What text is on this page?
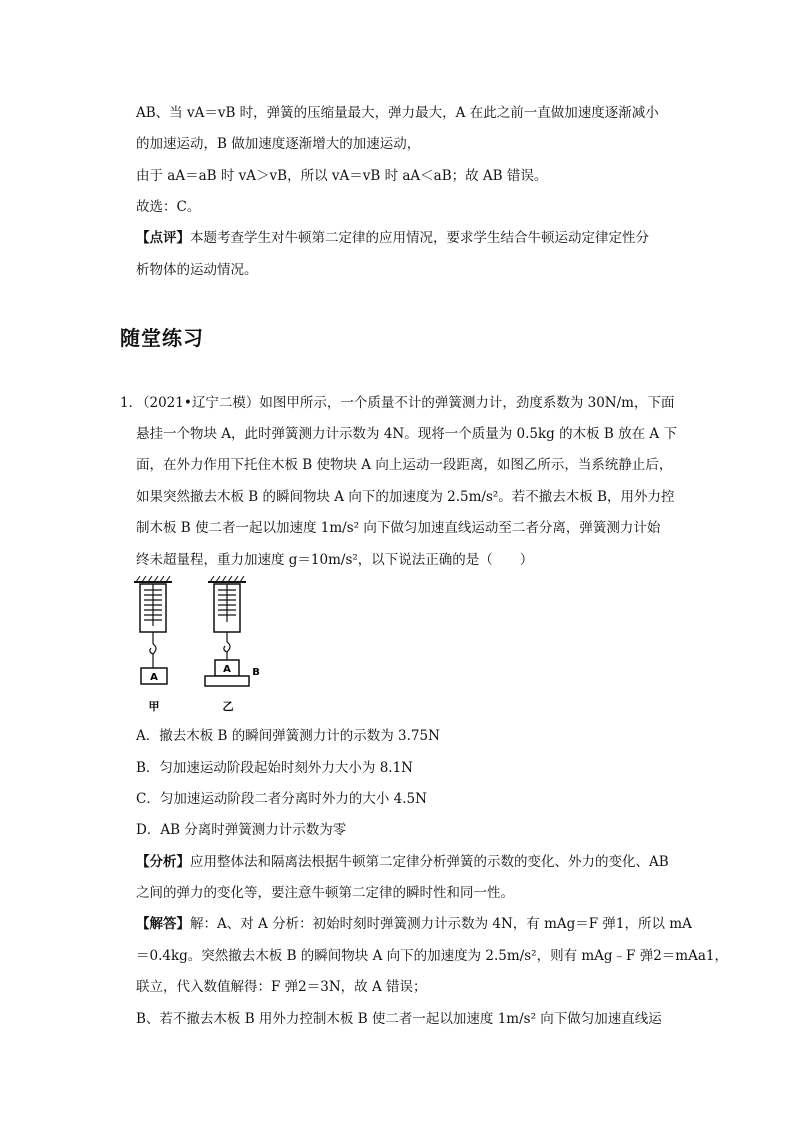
AB、当 vA＝vB 时，弹簧的压缩量最大，弹力最大，A 在此之前一直做加速度逐渐减小
的加速运动，B 做加速度逐渐增大的加速运动，
由于 aA＝aB 时 vA＞vB，所以 vA＝vB 时 aA＜aB；故 AB 错误。
故选：C。
【点评】本题考查学生对牛顿第二定律的应用情况，要求学生结合牛顿运动定律定性分
析物体的运动情况。
随堂练习
1．
（2021•辽宁二模）如图甲所示，一个质量不计的弹簧测力计，劲度系数为 30N/m，下面
悬挂一个物块 A，此时弹簧测力计示数为 4N。现将一个质量为 0.5kg 的木板 B 放在 A 下
面，在外力作用下托住木板 B 使物块 A 向上运动一段距离，如图乙所示，当系统静止后，
如果突然撤去木板 B 的瞬间物块 A 向下的加速度为 2.5m/s²。若不撤去木板 B，用外力控
制木板 B 使二者一起以加速度 1m/s² 向下做匀加速直线运动至二者分离，弹簧测力计始
终未超量程，重力加速度 g＝10m/s²，以下说法正确的是（　　）
A
甲
A B
乙
A．撤去木板 B 的瞬间弹簧测力计的示数为 3.75N
B．匀加速运动阶段起始时刻外力大小为 8.1N
C．匀加速运动阶段二者分离时外力的大小 4.5N
D．AB 分离时弹簧测力计示数为零
【分析】应用整体法和隔离法根据牛顿第二定律分析弹簧的示数的变化、外力的变化、AB
之间的弹力的变化等，要注意牛顿第二定律的瞬时性和同一性。
【解答】解：A、对 A 分析：初始时刻时弹簧测力计示数为 4N，有 mAg＝F 弹1，所以 mA
＝0.4kg。突然撤去木板 B 的瞬间物块 A 向下的加速度为 2.5m/s²，则有 mAg﹣F 弹2＝mAa1，
联立，代入数值解得：F 弹2＝3N，故 A 错误；
B、若不撤去木板 B 用外力控制木板 B 使二者一起以加速度 1m/s² 向下做匀加速直线运
